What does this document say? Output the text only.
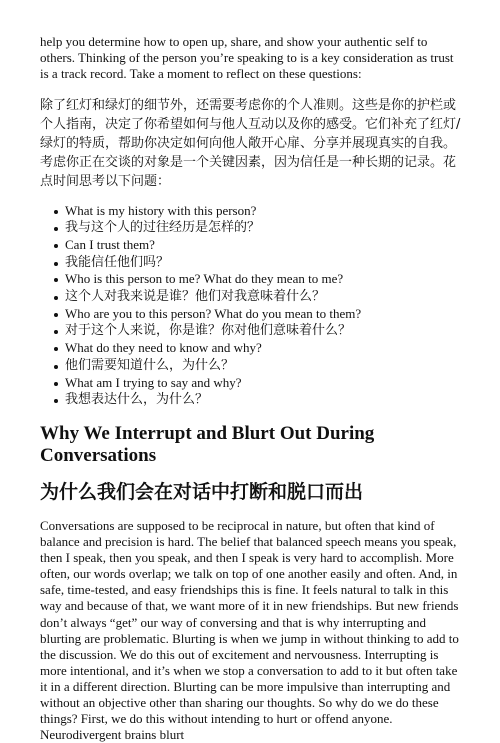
help you determine how to open up, share, and show your authentic self to others. Thinking of the person you’re speaking to is a key consideration as trust is a track record. Take a moment to reflect on these questions:

除了红灯和绿灯的细节外，还需要考虑你的个人准则。这些是你的护栏或个人指南，决定了你希望如何与他人互动以及你的感受。它们补充了红灯/绿灯的特质，帮助你决定如何向他人敞开心扉、分享并展现真实的自我。考虑你正在交谈的对象是一个关键因素，因为信任是一种长期的记录。花点时间思考以下问题：

What is my history with this person?
我与这个人的过往经历是怎样的？
Can I trust them?
我能信任他们吗？
Who is this person to me? What do they mean to me?
这个人对我来说是谁？他们对我意味着什么？
Who are you to this person? What do you mean to them?
对于这个人来说，你是谁？你对他们意味着什么？
What do they need to know and why?
他们需要知道什么，为什么？
What am I trying to say and why?
我想表达什么，为什么？
Why We Interrupt and Blurt Out During Conversations
为什么我们会在对话中打断和脱口而出

Conversations are supposed to be reciprocal in nature, but often that kind of balance and precision is hard. The belief that balanced speech means you speak, then I speak, then you speak, and then I speak is very hard to accomplish. More often, our words overlap; we talk on top of one another easily and often. And, in safe, time-tested, and easy friendships this is fine. It feels natural to talk in this way and because of that, we want more of it in new friendships. But new friends don’t always “get” our way of conversing and that is why interrupting and blurting are problematic. Blurting is when we jump in without thinking to add to the discussion. We do this out of excitement and nervousness. Interrupting is more intentional, and it’s when we stop a conversation to add to it but often take it in a different direction. Blurting can be more impulsive than interrupting and without an objective other than sharing our thoughts. So why do we do these things? First, we do this without intending to hurt or offend anyone. Neurodivergent brains blurt
